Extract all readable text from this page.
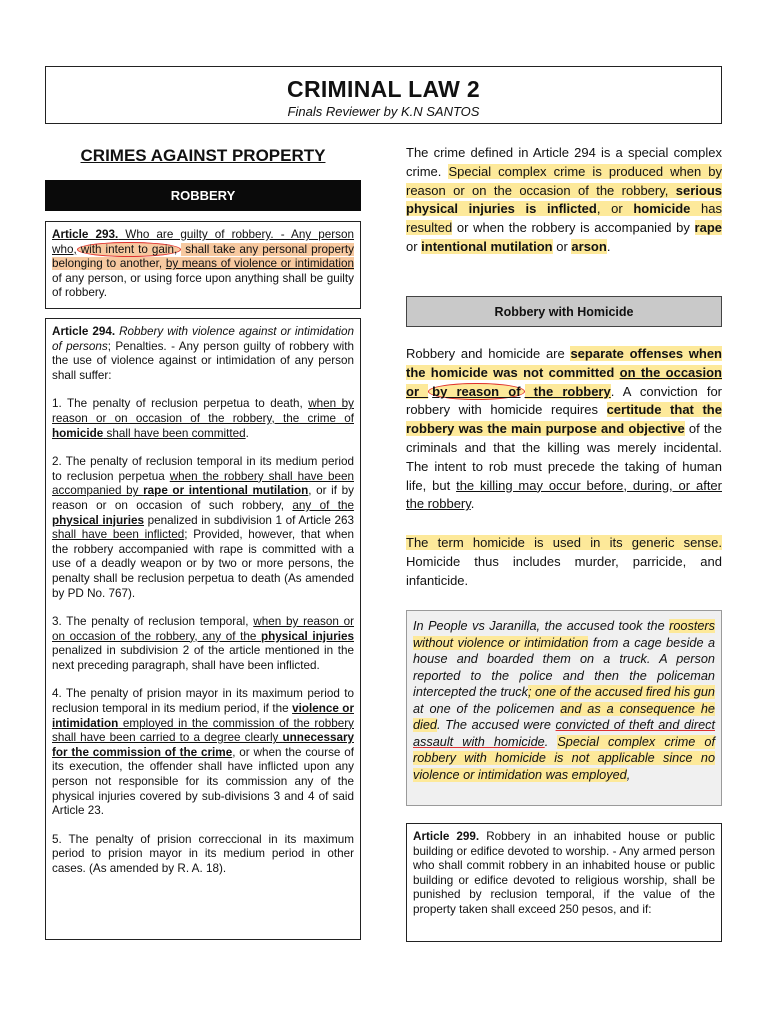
CRIMINAL LAW 2
Finals Reviewer by K.N SANTOS
CRIMES AGAINST PROPERTY
ROBBERY
Article 293. Who are guilty of robbery. - Any person who, with intent to gain, shall take any personal property belonging to another, by means of violence or intimidation of any person, or using force upon anything shall be guilty of robbery.

Article 294. Robbery with violence against or intimidation of persons; Penalties. - Any person guilty of robbery with the use of violence against or intimidation of any person shall suffer:

1. The penalty of reclusion perpetua to death, when by reason or on occasion of the robbery, the crime of homicide shall have been committed.

2. The penalty of reclusion temporal in its medium period to reclusion perpetua when the robbery shall have been accompanied by rape or intentional mutilation, or if by reason or on occasion of such robbery, any of the physical injuries penalized in subdivision 1 of Article 263 shall have been inflicted; Provided, however, that when the robbery accompanied with rape is committed with a use of a deadly weapon or by two or more persons, the penalty shall be reclusion perpetua to death (As amended by PD No. 767).

3. The penalty of reclusion temporal, when by reason or on occasion of the robbery, any of the physical injuries penalized in subdivision 2 of the article mentioned in the next preceding paragraph, shall have been inflicted.

4. The penalty of prision mayor in its maximum period to reclusion temporal in its medium period, if the violence or intimidation employed in the commission of the robbery shall have been carried to a degree clearly unnecessary for the commission of the crime, or when the course of its execution, the offender shall have inflicted upon any person not responsible for its commission any of the physical injuries covered by sub-divisions 3 and 4 of said Article 23.

5. The penalty of prision correccional in its maximum period to prision mayor in its medium period in other cases. (As amended by R. A. 18).

The crime defined in Article 294 is a special complex crime. Special complex crime is produced when by reason or on the occasion of the robbery, serious physical injuries is inflicted, or homicide has resulted or when the robbery is accompanied by rape or intentional mutilation or arson.
Robbery with Homicide
Robbery and homicide are separate offenses when the homicide was not committed on the occasion or by reason of the robbery. A conviction for robbery with homicide requires certitude that the robbery was the main purpose and objective of the criminals and that the killing was merely incidental. The intent to rob must precede the taking of human life, but the killing may occur before, during, or after the robbery.
The term homicide is used in its generic sense. Homicide thus includes murder, parricide, and infanticide.
In People vs Jaranilla, the accused took the roosters without violence or intimidation from a cage beside a house and boarded them on a truck. A person reported to the police and then the policeman intercepted the truck; one of the accused fired his gun at one of the policemen and as a consequence he died. The accused were convicted of theft and direct assault with homicide. Special complex crime of robbery with homicide is not applicable since no violence or intimidation was employed,
Article 299. Robbery in an inhabited house or public building or edifice devoted to worship. - Any armed person who shall commit robbery in an inhabited house or public building or edifice devoted to religious worship, shall be punished by reclusion temporal, if the value of the property taken shall exceed 250 pesos, and if:
